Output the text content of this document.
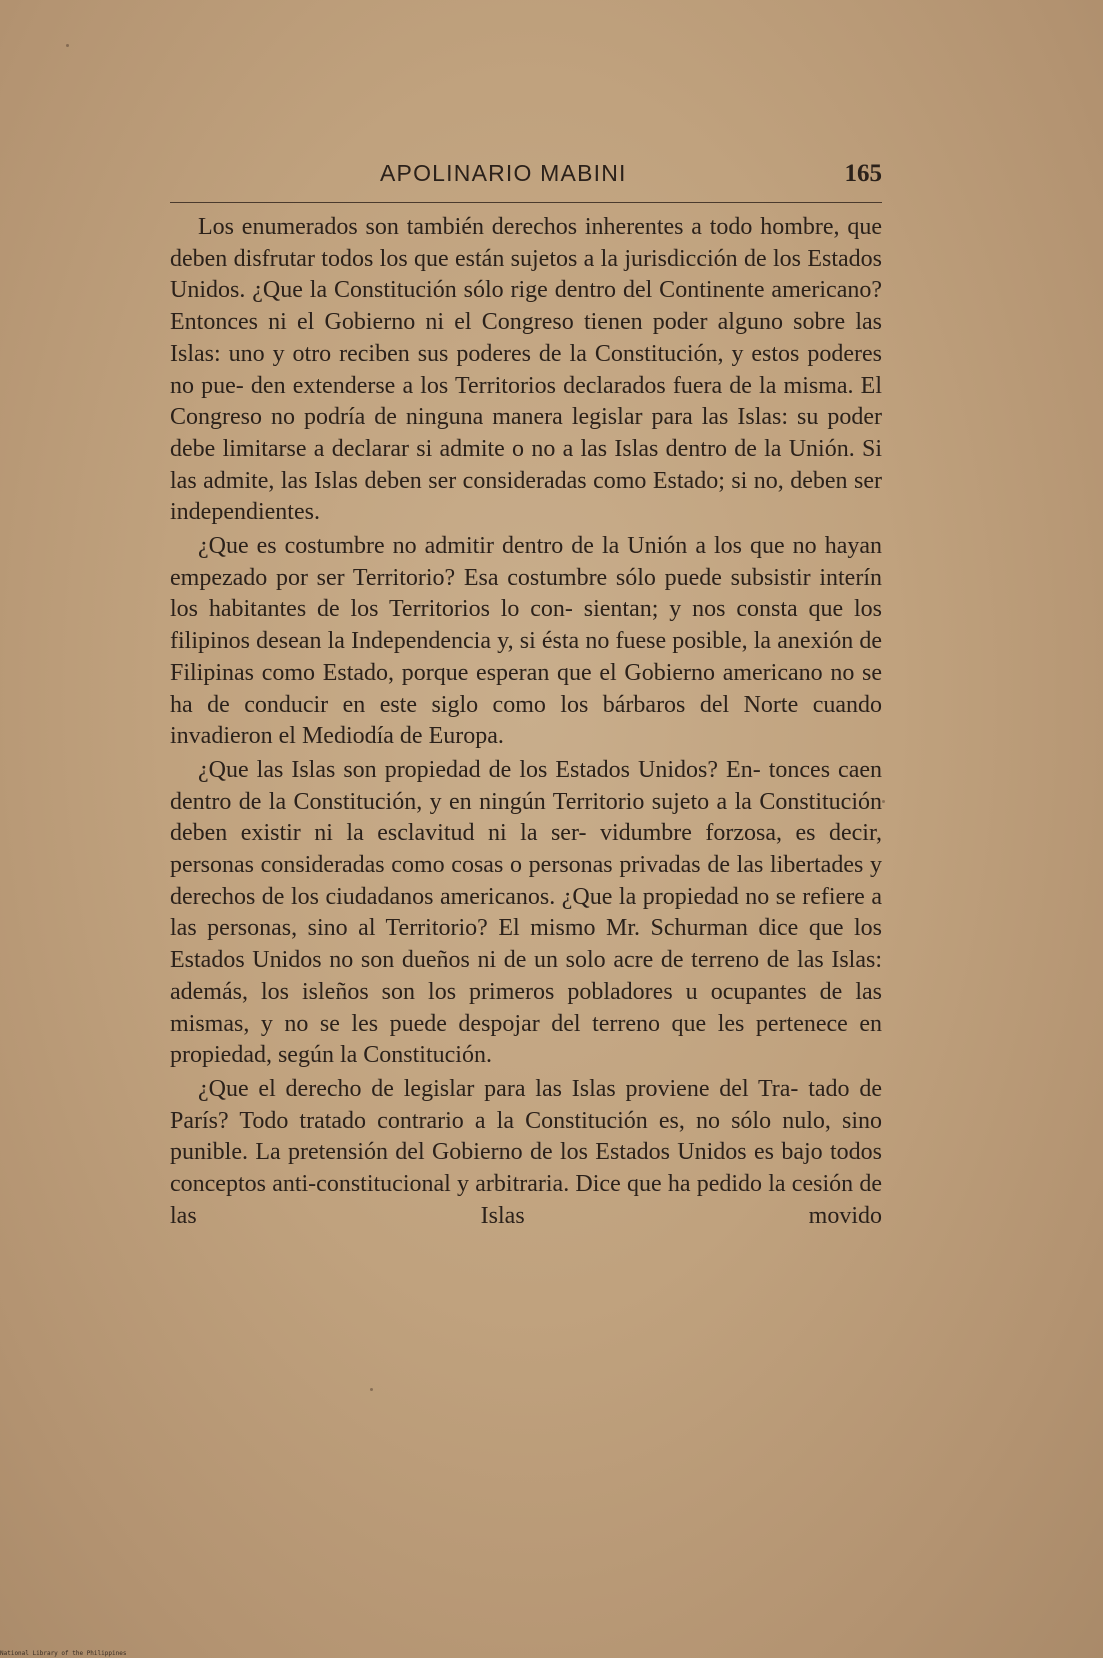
APOLINARIO MABINI	165

Los enumerados son también derechos inherentes a todo hombre, que deben disfrutar todos los que están sujetos a la jurisdicción de los Estados Unidos. ¿Que la Constitución sólo rige dentro del Continente americano? Entonces ni el Gobierno ni el Congreso tienen poder alguno sobre las Islas: uno y otro reciben sus poderes de la Constitución, y estos poderes no pue- den extenderse a los Territorios declarados fuera de la misma. El Congreso no podría de ninguna manera legislar para las Islas: su poder debe limitarse a declarar si admite o no a las Islas dentro de la Unión. Si las admite, las Islas deben ser consideradas como Estado; si no, deben ser independientes.

¿Que es costumbre no admitir dentro de la Unión a los que no hayan empezado por ser Territorio? Esa costumbre sólo puede subsistir interín los habitantes de los Territorios lo con- sientan; y nos consta que los filipinos desean la Independencia y, si ésta no fuese posible, la anexión de Filipinas como Estado, porque esperan que el Gobierno americano no se ha de conducir en este siglo como los bárbaros del Norte cuando invadieron el Mediodía de Europa.

¿Que las Islas son propiedad de los Estados Unidos? En- tonces caen dentro de la Constitución, y en ningún Territorio sujeto a la Constitución deben existir ni la esclavitud ni la ser- vidumbre forzosa, es decir, personas consideradas como cosas o personas privadas de las libertades y derechos de los ciudadanos americanos. ¿Que la propiedad no se refiere a las personas, sino al Territorio? El mismo Mr. Schurman dice que los Estados Unidos no son dueños ni de un solo acre de terreno de las Islas: además, los isleños son los primeros pobladores u ocupantes de las mismas, y no se les puede despojar del terreno que les pertenece en propiedad, según la Constitución.

¿Que el derecho de legislar para las Islas proviene del Tra- tado de París? Todo tratado contrario a la Constitución es, no sólo nulo, sino punible. La pretensión del Gobierno de los Estados Unidos es bajo todos conceptos anti-constitucional y arbitraria. Dice que ha pedido la cesión de las Islas movido

National Library of the Philippines
